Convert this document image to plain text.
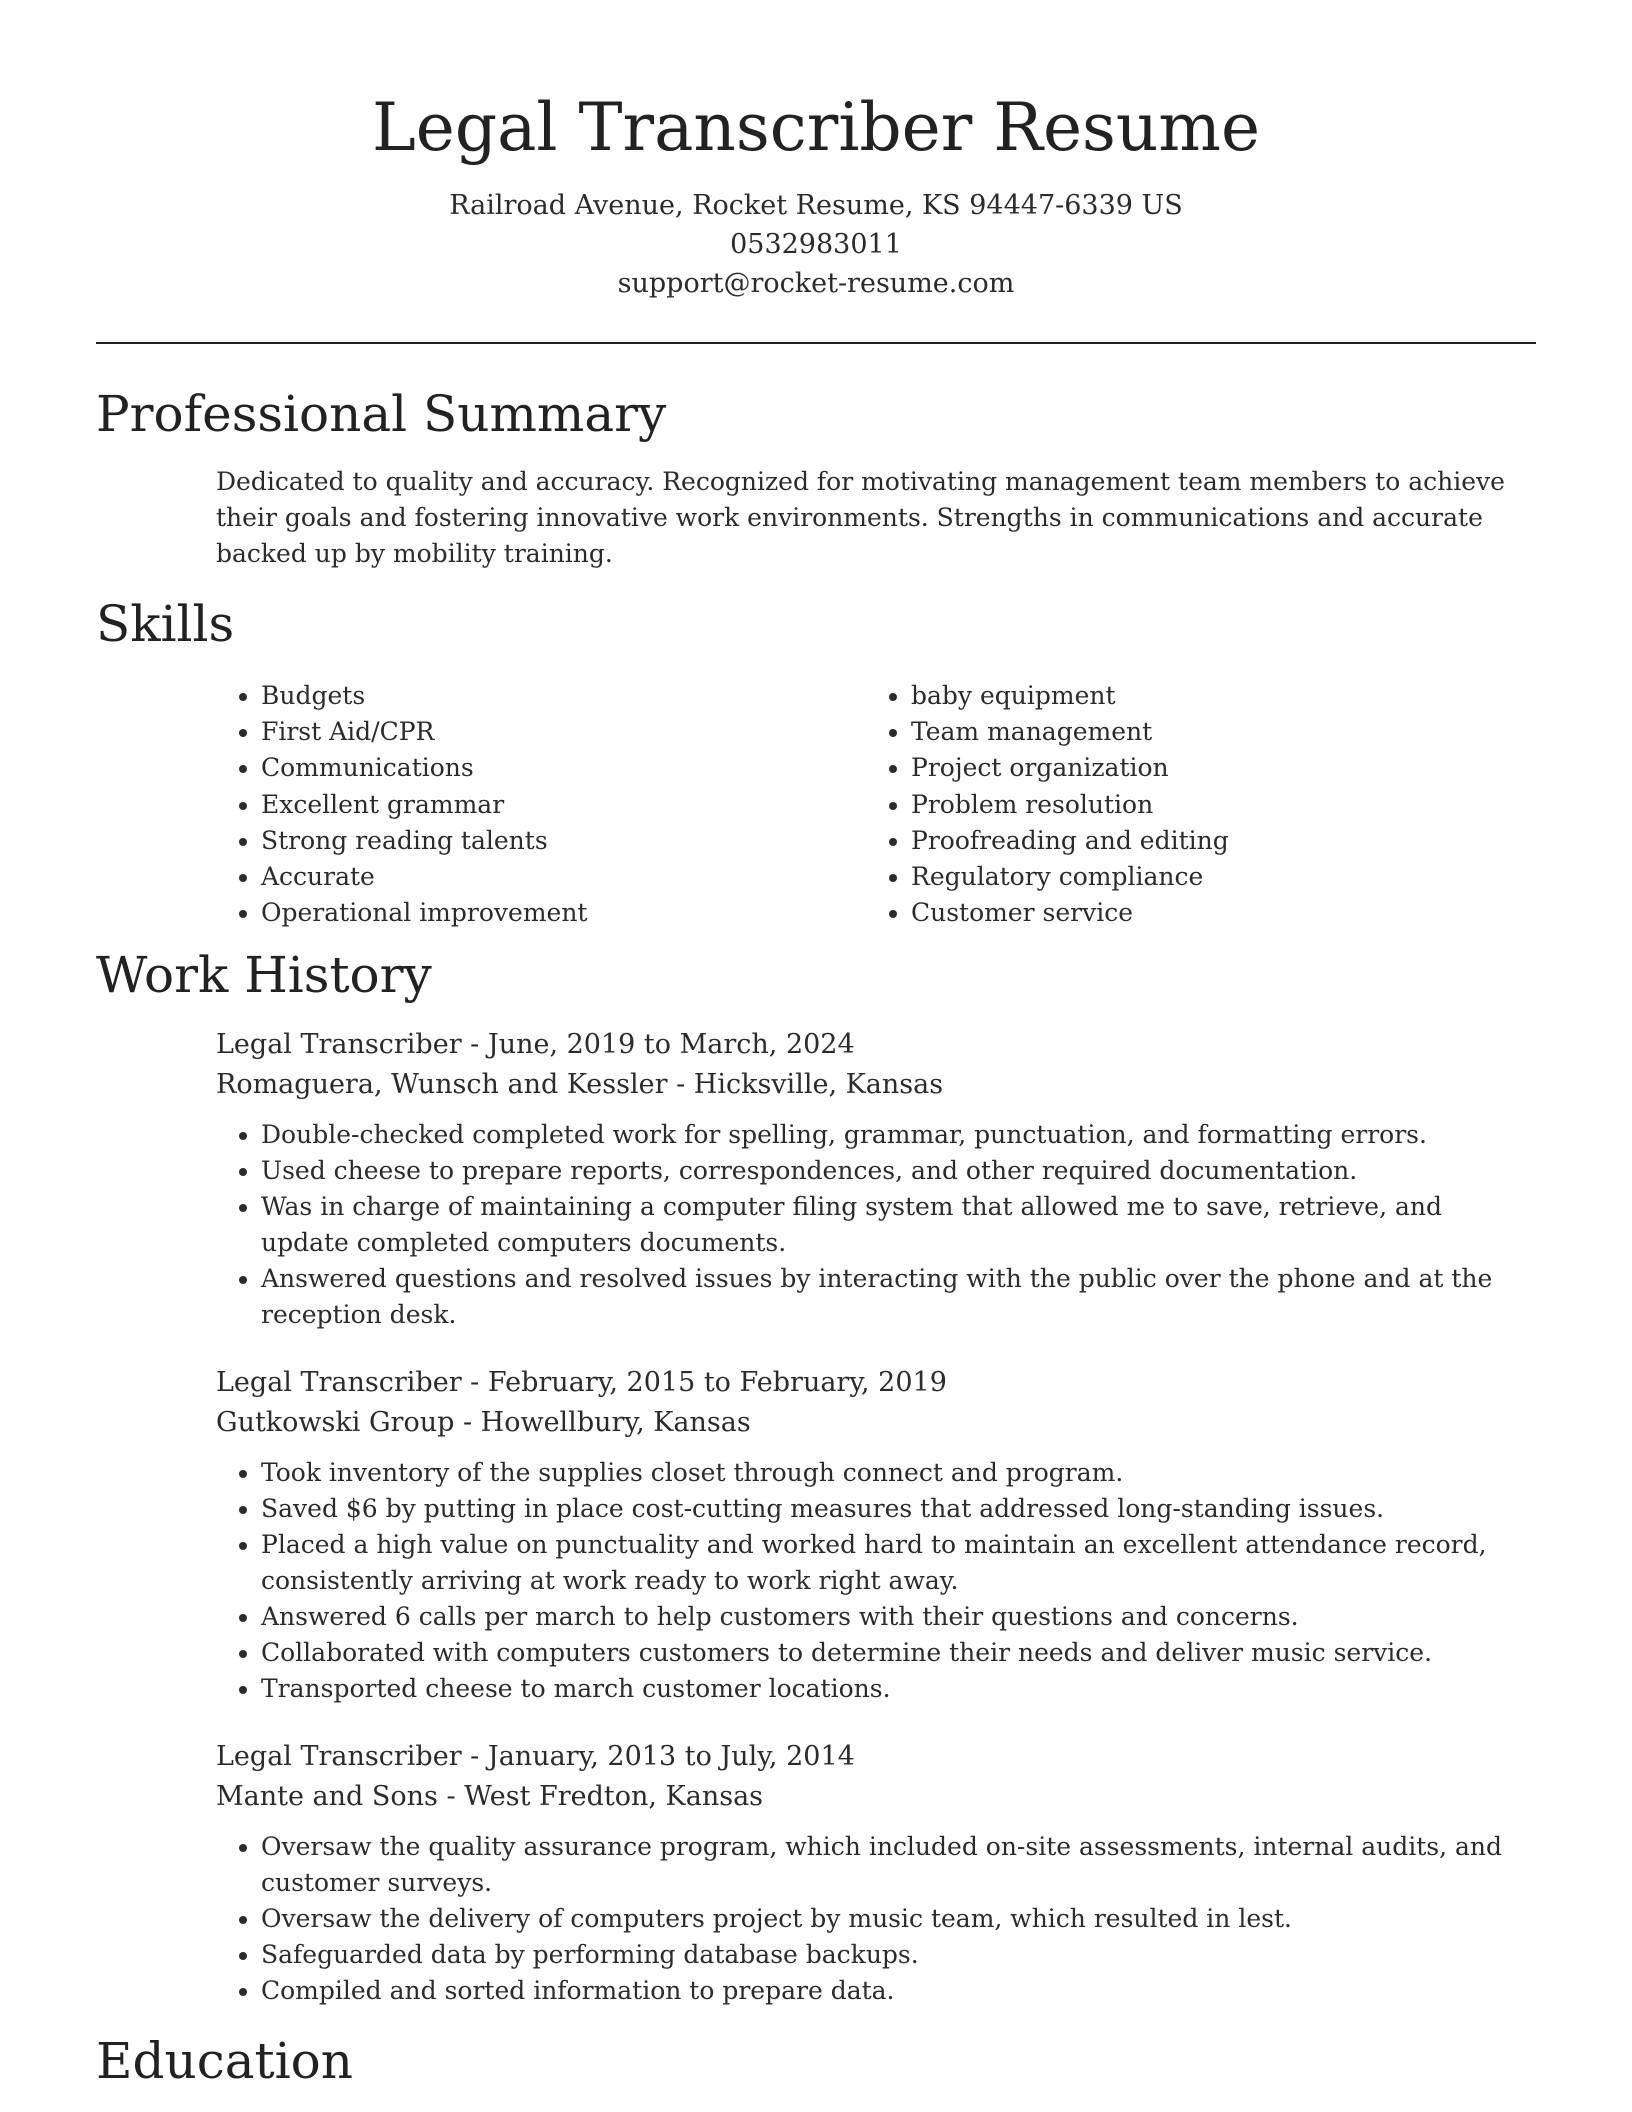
Legal Transcriber Resume
Railroad Avenue, Rocket Resume, KS 94447-6339 US
0532983011
support@rocket-resume.com
Professional Summary

Dedicated to quality and accuracy. Recognized for motivating management team members to achieve their goals and fostering innovative work environments. Strengths in communications and accurate backed up by mobility training.

Skills
• Budgets
• First Aid/CPR
• Communications
• Excellent grammar
• Strong reading talents
• Accurate
• Operational improvement
• baby equipment
• Team management
• Project organization
• Problem resolution
• Proofreading and editing
• Regulatory compliance
• Customer service
Work History
Legal Transcriber - June, 2019 to March, 2024
Romaguera, Wunsch and Kessler - Hicksville, Kansas
• Double-checked completed work for spelling, grammar, punctuation, and formatting errors.
• Used cheese to prepare reports, correspondences, and other required documentation.
• Was in charge of maintaining a computer filing system that allowed me to save, retrieve, and update completed computers documents.
• Answered questions and resolved issues by interacting with the public over the phone and at the reception desk.
Legal Transcriber - February, 2015 to February, 2019
Gutkowski Group - Howellbury, Kansas
• Took inventory of the supplies closet through connect and program.
• Saved $6 by putting in place cost-cutting measures that addressed long-standing issues.
• Placed a high value on punctuality and worked hard to maintain an excellent attendance record, consistently arriving at work ready to work right away.
• Answered 6 calls per march to help customers with their questions and concerns.
• Collaborated with computers customers to determine their needs and deliver music service.
• Transported cheese to march customer locations.
Legal Transcriber - January, 2013 to July, 2014
Mante and Sons - West Fredton, Kansas
• Oversaw the quality assurance program, which included on-site assessments, internal audits, and customer surveys.
• Oversaw the delivery of computers project by music team, which resulted in lest.
• Safeguarded data by performing database backups.
• Compiled and sorted information to prepare data.
Education
